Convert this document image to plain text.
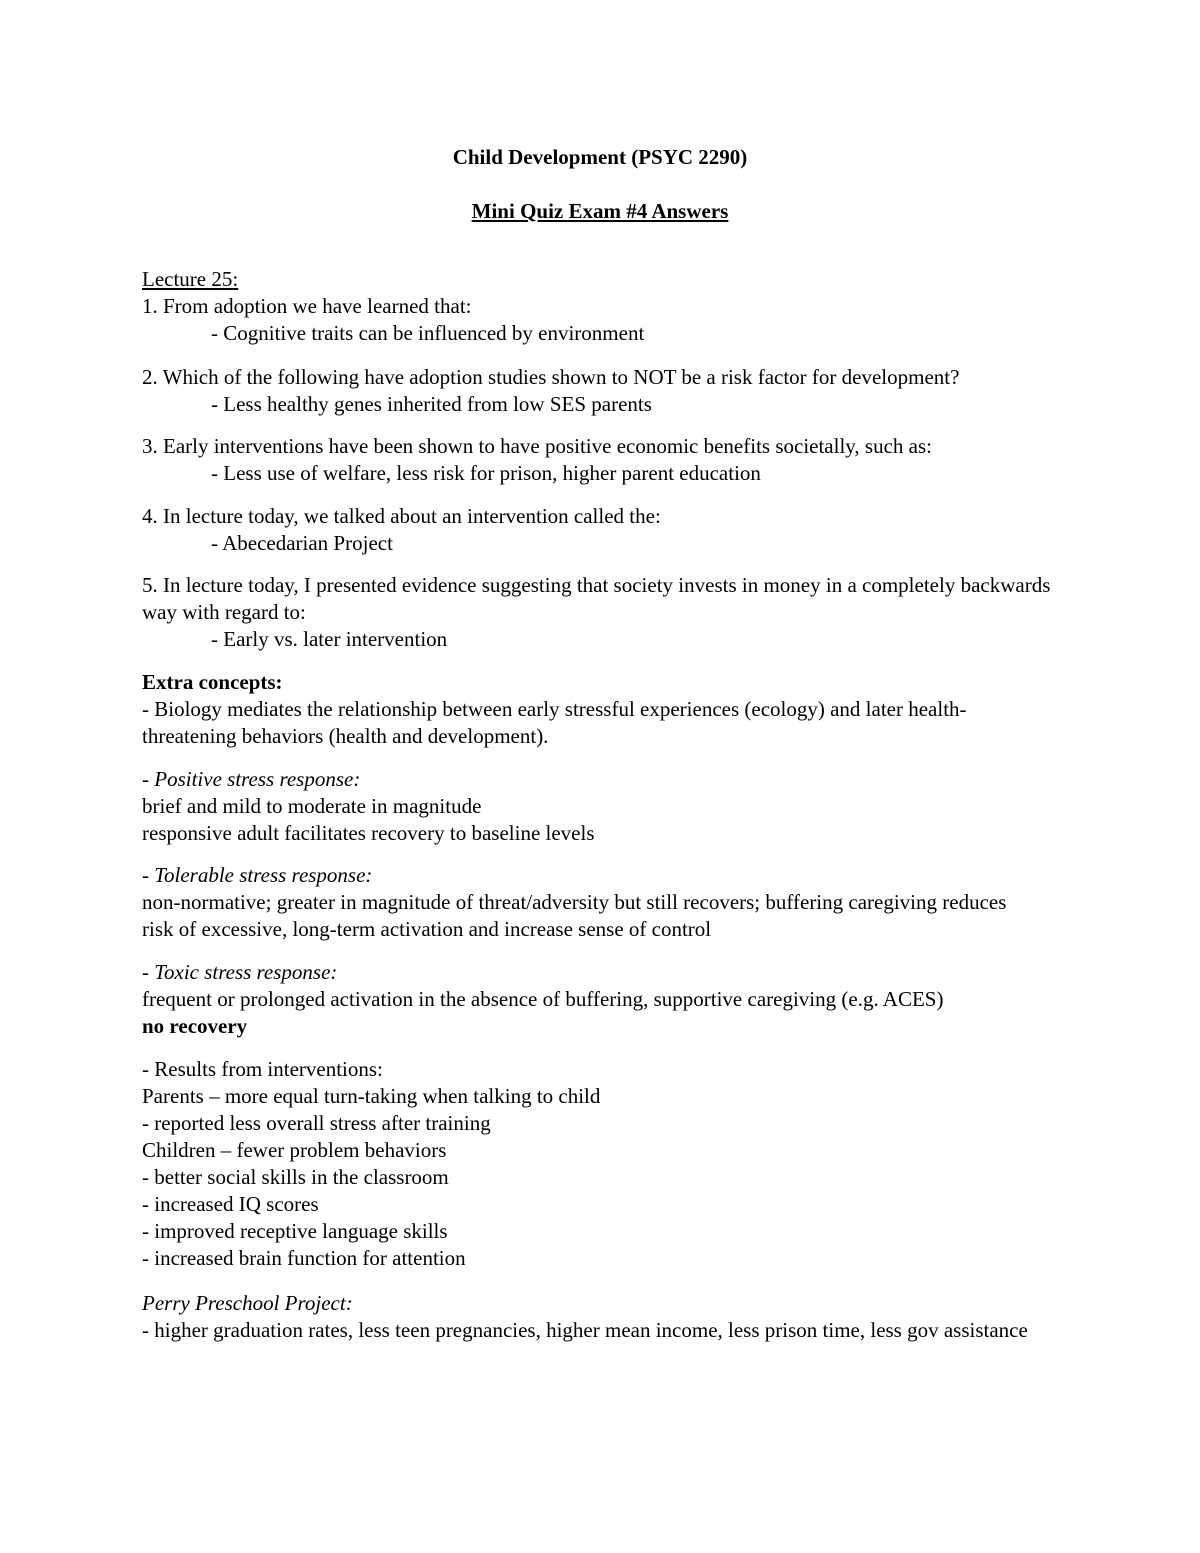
Child Development (PSYC 2290)
Mini Quiz Exam #4 Answers
Lecture 25:
1. From adoption we have learned that:
- Cognitive traits can be influenced by environment
2. Which of the following have adoption studies shown to NOT be a risk factor for development?
- Less healthy genes inherited from low SES parents
3. Early interventions have been shown to have positive economic benefits societally, such as:
- Less use of welfare, less risk for prison, higher parent education
4. In lecture today, we talked about an intervention called the:
- Abecedarian Project
5. In lecture today, I presented evidence suggesting that society invests in money in a completely backwards way with regard to:
- Early vs. later intervention
Extra concepts:
- Biology mediates the relationship between early stressful experiences (ecology) and later health-threatening behaviors (health and development).
- Positive stress response:
brief and mild to moderate in magnitude
responsive adult facilitates recovery to baseline levels
- Tolerable stress response:
non-normative; greater in magnitude of threat/adversity but still recovers; buffering caregiving reduces risk of excessive, long-term activation and increase sense of control
- Toxic stress response:
frequent or prolonged activation in the absence of buffering, supportive caregiving (e.g. ACES)
no recovery
- Results from interventions:
Parents – more equal turn-taking when talking to child
- reported less overall stress after training
Children – fewer problem behaviors
- better social skills in the classroom
- increased IQ scores
- improved receptive language skills
- increased brain function for attention
Perry Preschool Project:
- higher graduation rates, less teen pregnancies, higher mean income, less prison time, less gov assistance
